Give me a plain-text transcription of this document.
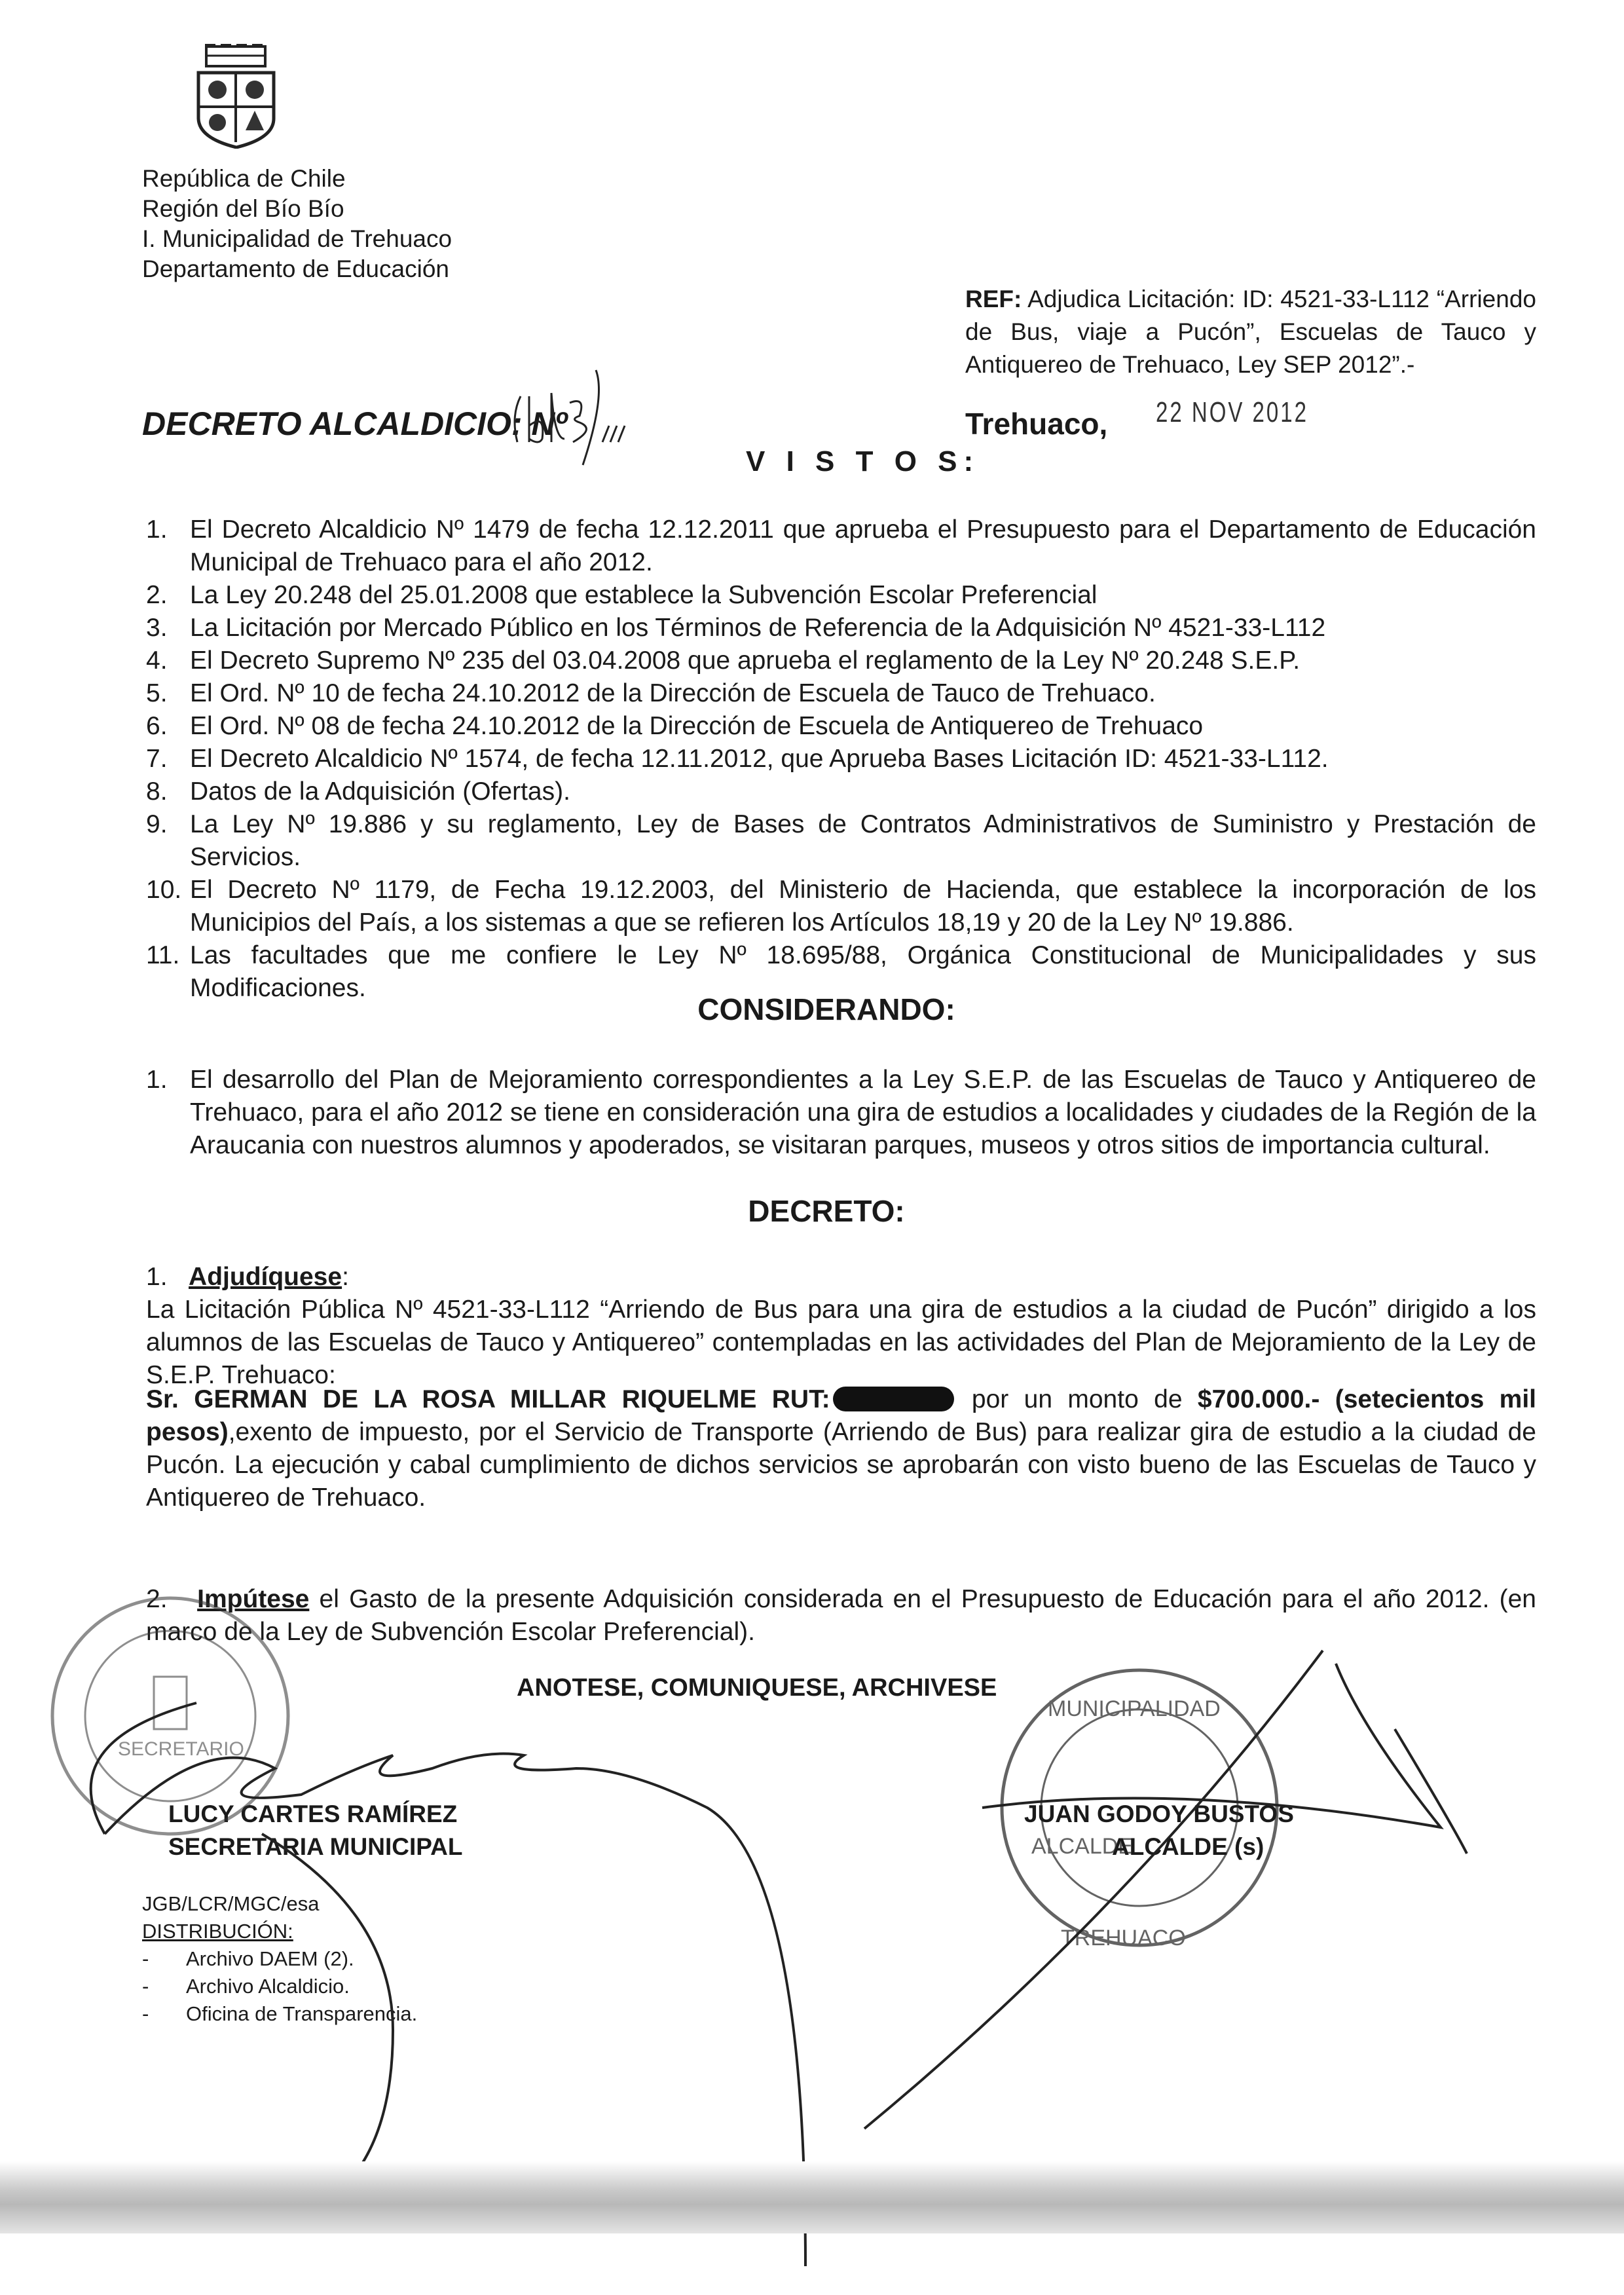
República de Chile
Región del Bío Bío
I. Municipalidad de Trehuaco
Departamento de Educación
REF: Adjudica Licitación: ID: 4521-33-L112 “Arriendo de Bus, viaje a Pucón”, Escuelas de Tauco y Antiquereo de Trehuaco, Ley SEP 2012”.-
DECRETO ALCALDICIO: Nº	Trehuaco, 22 NOV 2012
V I S T O S:
1. El Decreto Alcaldicio Nº 1479 de fecha 12.12.2011 que aprueba el Presupuesto para el Departamento de Educación Municipal de Trehuaco para el año 2012.
2. La Ley 20.248 del 25.01.2008 que establece la Subvención Escolar Preferencial
3. La Licitación por Mercado Público en los Términos de Referencia de la Adquisición Nº 4521-33-L112
4. El Decreto Supremo Nº 235 del 03.04.2008 que aprueba el reglamento de la Ley Nº 20.248 S.E.P.
5. El Ord. Nº 10 de fecha 24.10.2012 de la Dirección de Escuela de Tauco de Trehuaco.
6. El Ord. Nº 08 de fecha 24.10.2012 de la Dirección de Escuela de Antiquereo de Trehuaco
7. El Decreto Alcaldicio Nº 1574, de fecha 12.11.2012, que Aprueba Bases Licitación ID: 4521-33-L112.
8. Datos de la Adquisición (Ofertas).
9. La Ley Nº 19.886 y su reglamento, Ley de Bases de Contratos Administrativos de Suministro y Prestación de Servicios.
10. El Decreto Nº 1179, de Fecha 19.12.2003, del Ministerio de Hacienda, que establece la incorporación de los Municipios del País, a los sistemas a que se refieren los Artículos 18,19 y 20 de la Ley Nº 19.886.
11. Las facultades que me confiere le Ley Nº 18.695/88, Orgánica Constitucional de Municipalidades y sus Modificaciones.
CONSIDERANDO:
1. El desarrollo del Plan de Mejoramiento correspondientes a la Ley S.E.P. de las Escuelas de Tauco y Antiquereo de Trehuaco, para el año 2012 se tiene en consideración una gira de estudios a localidades y ciudades de la Región de la Araucania con nuestros alumnos y apoderados, se visitaran parques, museos y otros sitios de importancia cultural.
DECRETO:
1. Adjudíquese:
La Licitación Pública Nº 4521-33-L112 “Arriendo de Bus para una gira de estudios a la ciudad de Pucón” dirigido a los alumnos de las Escuelas de Tauco y Antiquereo” contempladas en las actividades del Plan de Mejoramiento de la Ley de S.E.P. Trehuaco:
Sr. GERMAN DE LA ROSA MILLAR RIQUELME RUT:	por un monto de $700.000.- (setecientos mil pesos),exento de impuesto, por el Servicio de Transporte (Arriendo de Bus) para realizar gira de estudio a la ciudad de Pucón. La ejecución y cabal cumplimiento de dichos servicios se aprobarán con visto bueno de las Escuelas de Tauco y Antiquereo de Trehuaco.
2. Impútese el Gasto de la presente Adquisición considerada en el Presupuesto de Educación para el año 2012. (en marco de la Ley de Subvención Escolar Preferencial).
ANOTESE, COMUNIQUESE, ARCHIVESE
LUCY CARTES RAMÍREZ
SECRETARIA MUNICIPAL
JUAN GODOY BUSTOS
ALCALDE (s)
JGB/LCR/MGC/esa
DISTRIBUCIÓN:
-	Archivo DAEM (2).
-	Archivo Alcaldicio.
-	Oficina de Transparencia.
SECRETARIO
ALCALDE
TREHUACO
MUNICIPALIDAD
